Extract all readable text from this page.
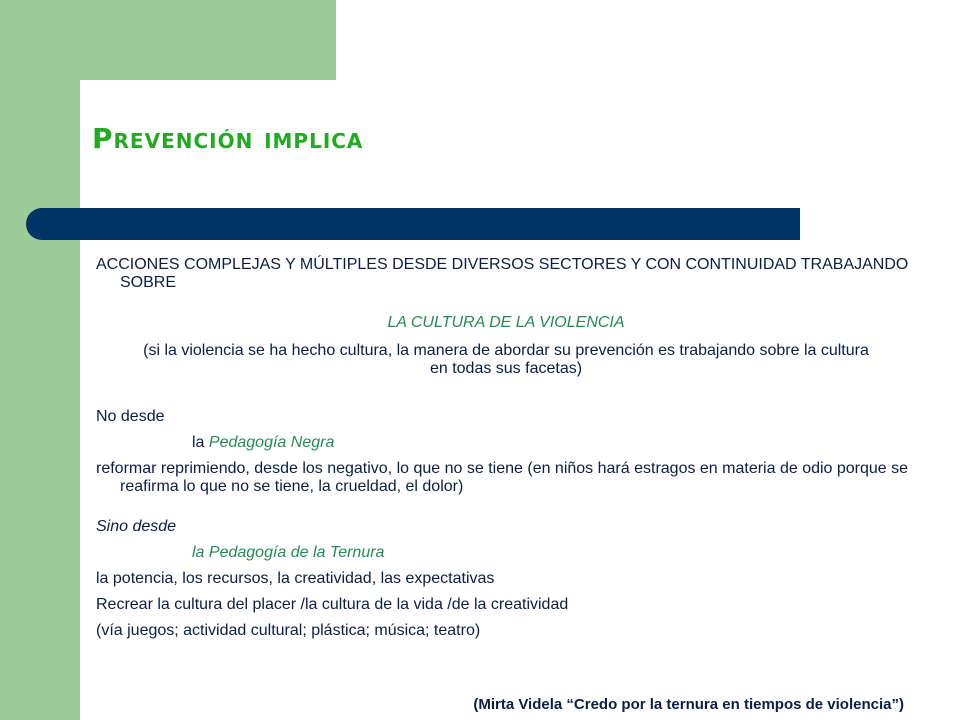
Prevención implica

ACCIONES COMPLEJAS Y MÚLTIPLES DESDE DIVERSOS SECTORES Y CON CONTINUIDAD TRABAJANDO SOBRE

LA CULTURA DE LA VIOLENCIA

(si la violencia se ha hecho cultura, la manera de abordar su prevención es trabajando sobre la cultura en todas sus facetas)

No desde

la Pedagogía Negra

reformar reprimiendo, desde los negativo, lo que no se tiene (en niños hará estragos en materia de odio porque se reafirma lo que no se tiene, la crueldad, el dolor)

Sino desde

la Pedagogía de la Ternura

la potencia, los recursos, la creatividad, las expectativas

Recrear la cultura del placer /la cultura de la vida /de la creatividad

(vía juegos; actividad cultural; plástica; música; teatro)

(Mirta Videla “Credo por la ternura en tiempos de violencia”)
